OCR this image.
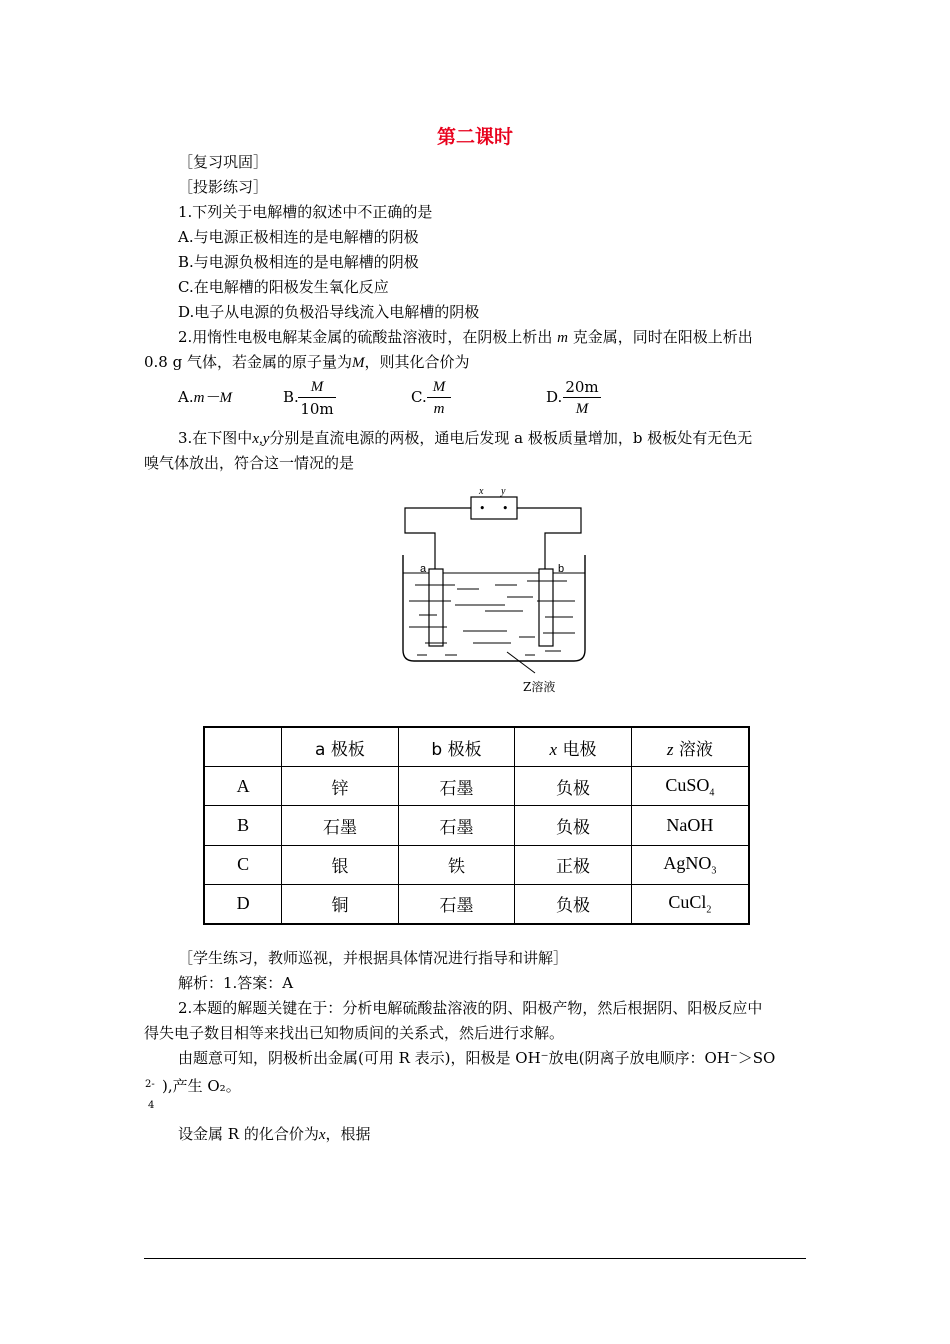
第二课时
［复习巩固］
［投影练习］
1.下列关于电解槽的叙述中不正确的是
A.与电源正极相连的是电解槽的阴极
B.与电源负极相连的是电解槽的阴极
C.在电解槽的阳极发生氧化反应
D.电子从电源的负极沿导线流入电解槽的阴极
2.用惰性电极电解某金属的硫酸盐溶液时，在阴极上析出 m 克金属，同时在阳极上析出
0.8 g 气体，若金属的原子量为M，则其化合价为
A.m－M	B. $\frac{M}{10m}$	C. $\frac{M}{m}$	D. $\frac{20m}{M}$
3.在下图中x,y分别是直流电源的两极，通电后发现 a 极板质量增加，b 极板处有无色无
嗅气体放出，符合这一情况的是
x y
• •
a	b
Z溶液
	a 极板	b 极板	x 电极	z 溶液
A	锌	石墨	负极	CuSO$_4$
B	石墨	石墨	负极	NaOH
C	银	铁	正极	AgNO$_3$
D	铜	石墨	负极	CuCl$_2$
［学生练习，教师巡视，并根据具体情况进行指导和讲解］
解析：1.答案：A
2.本题的解题关键在于：分析电解硫酸盐溶液的阴、阳极产物，然后根据阴、阳极反应中
得失电子数目相等来找出已知物质间的关系式，然后进行求解。
由题意可知，阴极析出金属(可用 R 表示)，阳极是 OH⁻放电(阴离子放电顺序：OH⁻＞SO
2-
4
),产生 O₂。
设金属 R 的化合价为x，根据
